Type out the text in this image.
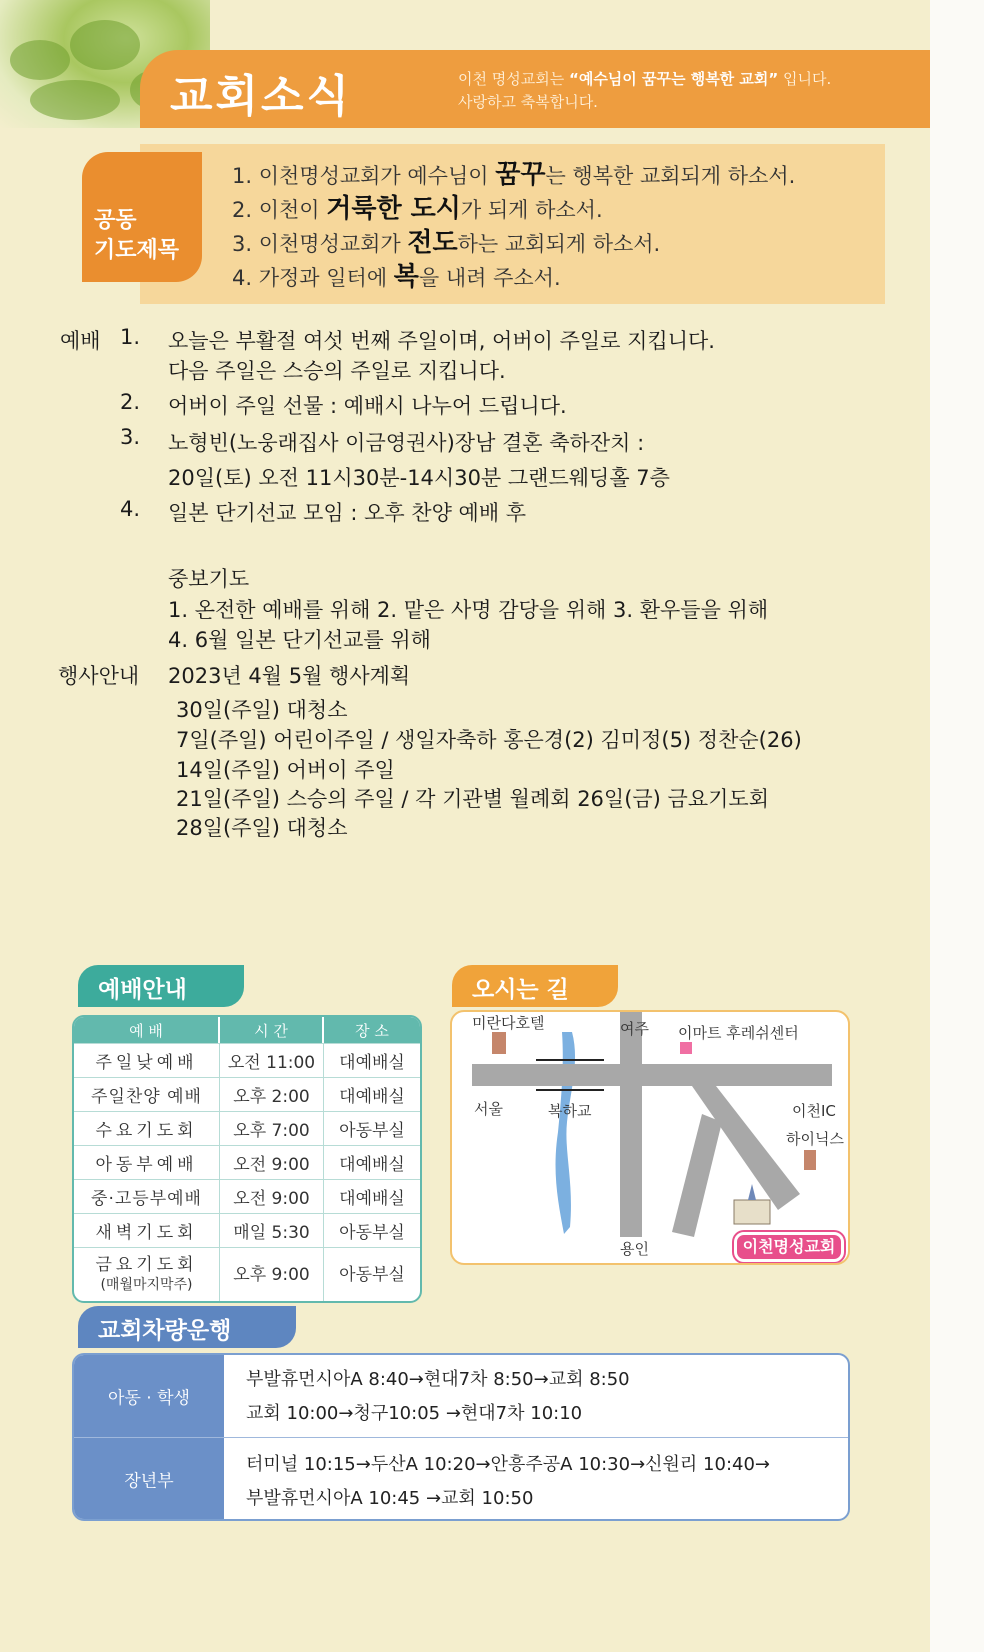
교회소식	이천 명성교회는 “예수님이 꿈꾸는 행복한 교회” 입니다.
사랑하고 축복합니다.
공동
기도제목
1. 이천명성교회가 예수님이 꿈꾸는 행복한 교회되게 하소서.
2. 이천이 거룩한 도시가 되게 하소서.
3. 이천명성교회가 전도하는 교회되게 하소서.
4. 가정과 일터에 복을 내려 주소서.
예배 1. 오늘은 부활절 여섯 번째 주일이며, 어버이 주일로 지킵니다.
다음 주일은 스승의 주일로 지킵니다.
2. 어버이 주일 선물 : 예배시 나누어 드립니다.
3. 노형빈(노웅래집사 이금영권사)장남 결혼 축하잔치 :
20일(토) 오전 11시30분-14시30분 그랜드웨딩홀 7층
4. 일본 단기선교 모임 : 오후 찬양 예배 후
중보기도
1. 온전한 예배를 위해 2. 맡은 사명 감당을 위해 3. 환우들을 위해
4. 6월 일본 단기선교를 위해
행사안내 2023년 4월 5월 행사계획
30일(주일) 대청소
7일(주일) 어린이주일 / 생일자축하 홍은경(2) 김미정(5) 정찬순(26)
14일(주일) 어버이 주일
21일(주일) 스승의 주일 / 각 기관별 월례회 26일(금) 금요기도회
28일(주일) 대청소
예배안내
예 배	시 간	장 소
주일낮예배	오전 11:00	대예배실
주일찬양 예배	오후 2:00	대예배실
수요기도회	오후 7:00	아동부실
아동부예배	오전 9:00	대예배실
중·고등부예배	오전 9:00	대예배실
새벽기도회	매일 5:30	아동부실
금요기도회
(매월마지막주)	오후 9:00	아동부실
오시는 길
여주
미란다호텔
이마트 후레쉬센터
서울	복하교	이천IC
하이닉스
용인	이천명성교회
교회차량운행
아동 · 학생
부발휴먼시아A 8:40→현대7차 8:50→교회 8:50
교회 10:00→청구10:05 →현대7차 10:10
장년부
터미널 10:15→두산A 10:20→안흥주공A 10:30→신원리 10:40→
부발휴먼시아A 10:45 →교회 10:50
